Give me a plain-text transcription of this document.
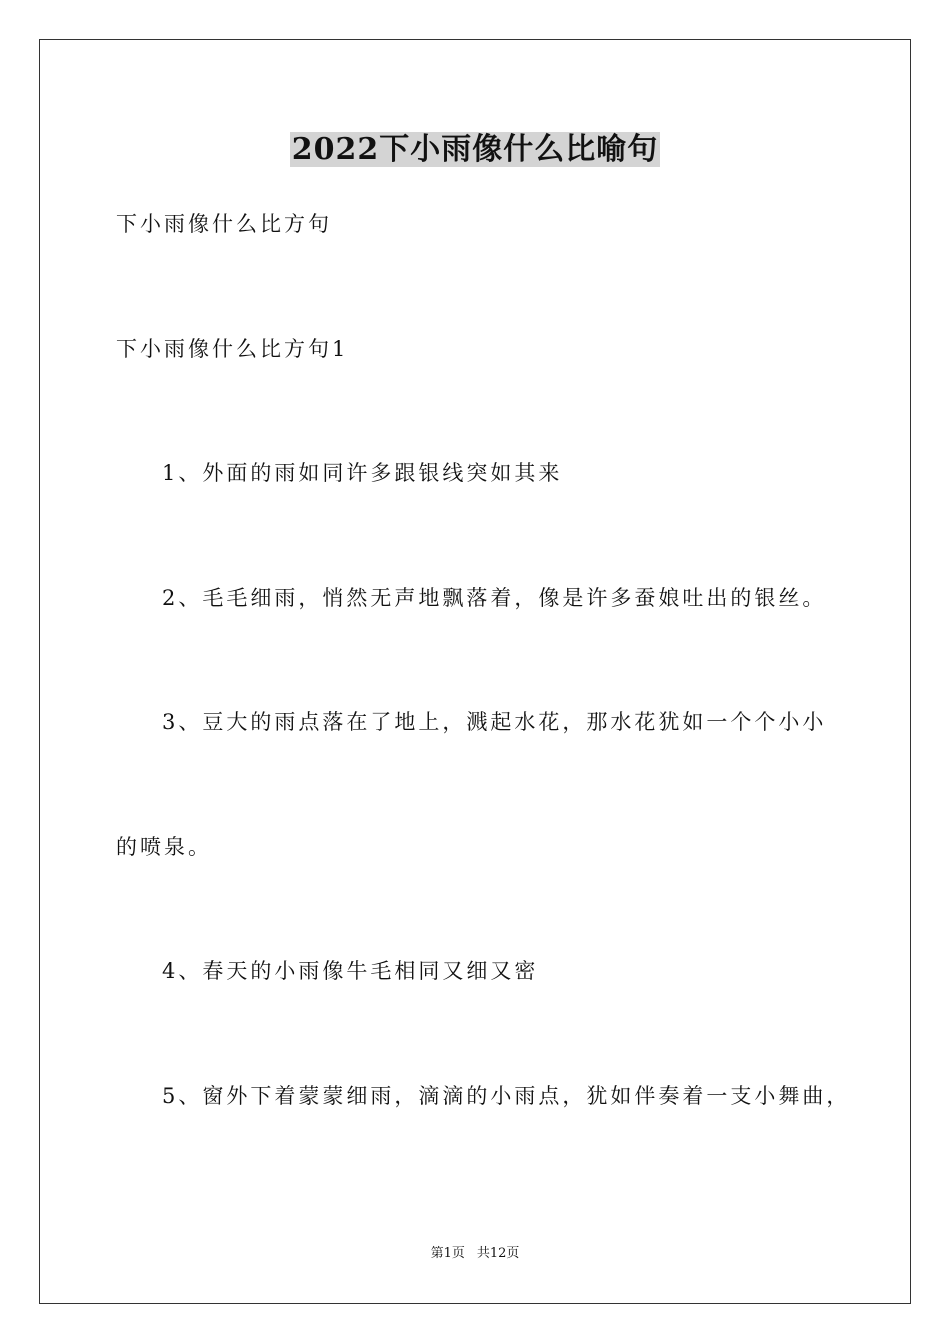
2022下小雨像什么比喻句

下小雨像什么比方句

下小雨像什么比方句1

1、外面的雨如同许多跟银线突如其来

2、毛毛细雨，悄然无声地飘落着，像是许多蚕娘吐出的银丝。

3、豆大的雨点落在了地上，溅起水花，那水花犹如一个个小小

的喷泉。

4、春天的小雨像牛毛相同又细又密

5、窗外下着蒙蒙细雨，滴滴的小雨点，犹如伴奏着一支小舞曲，

第1页 共12页
